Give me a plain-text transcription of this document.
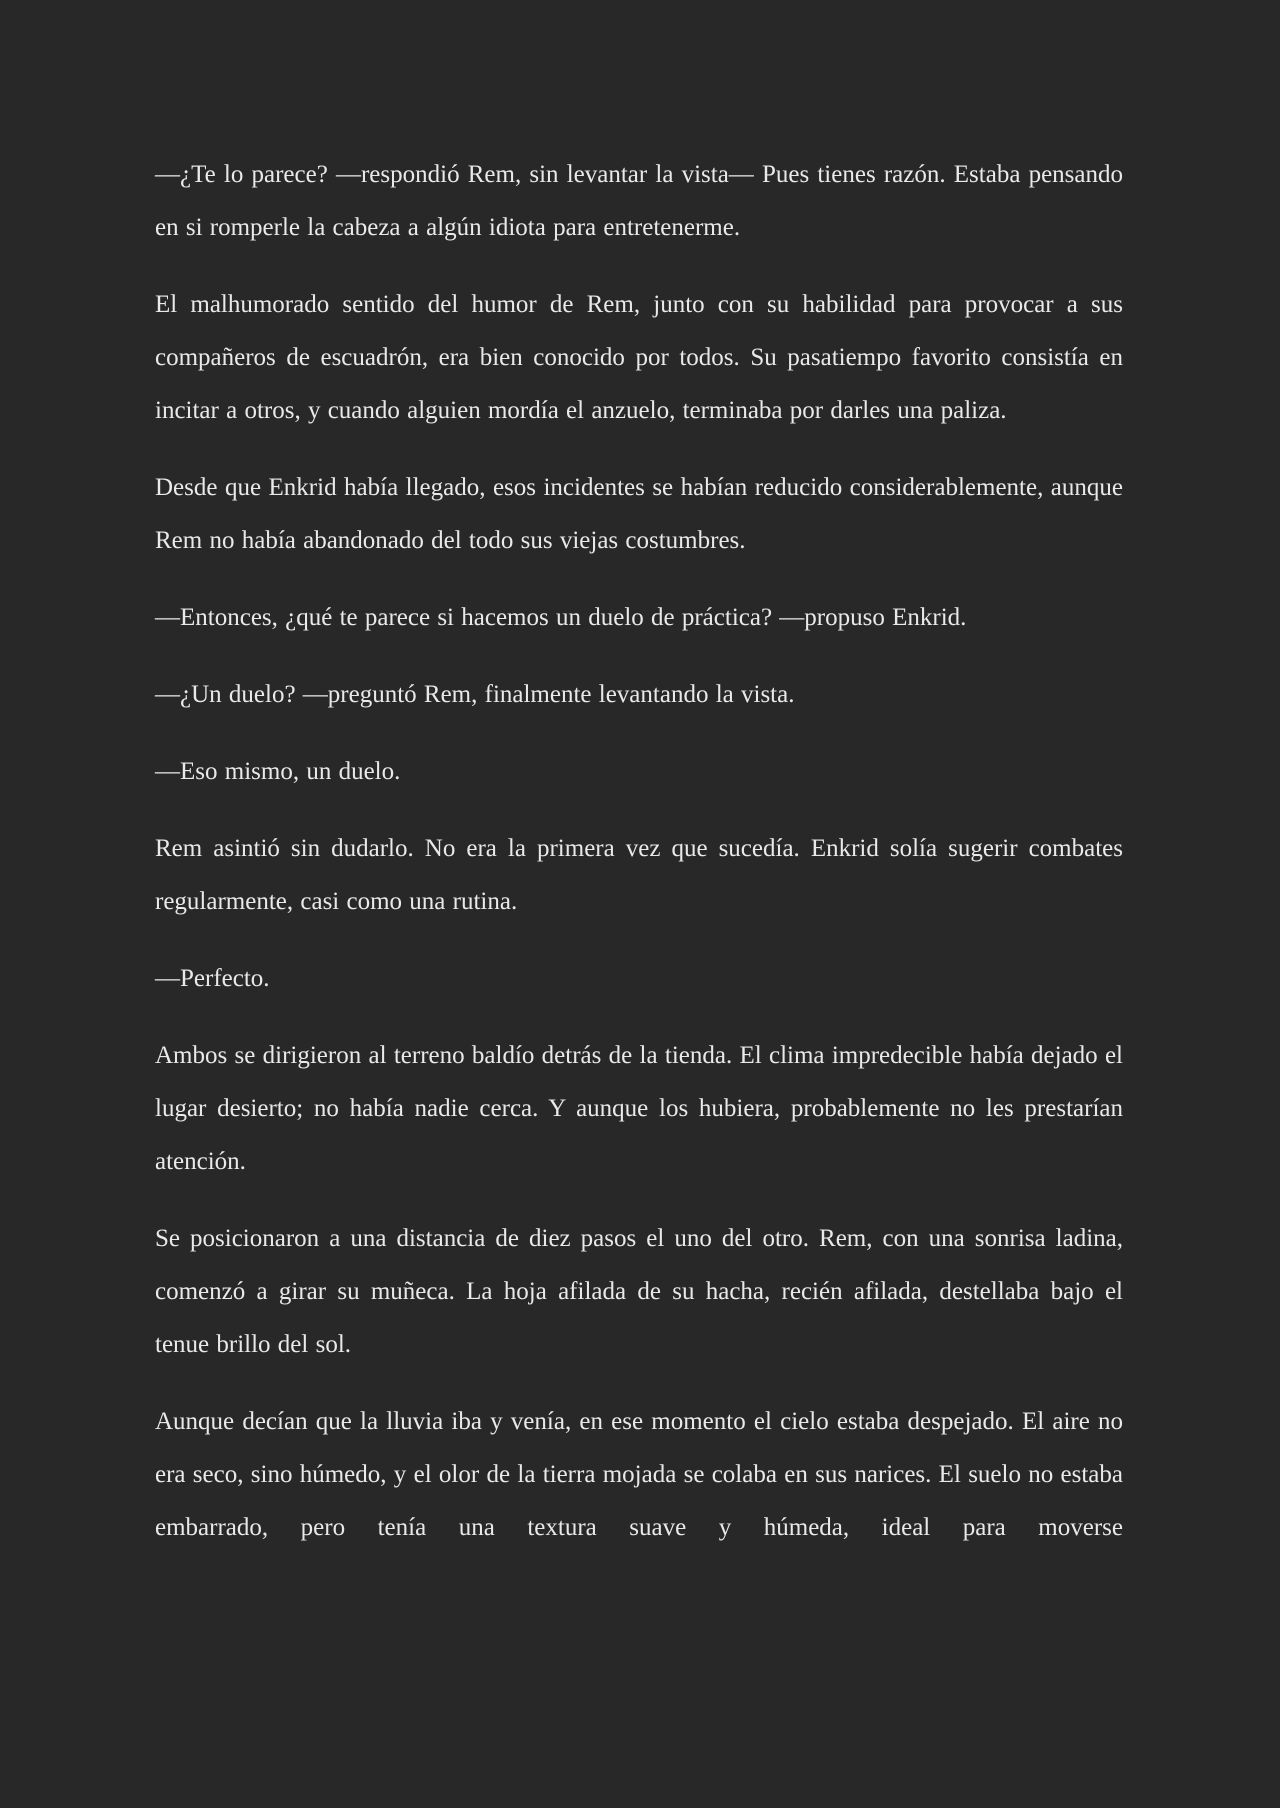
—¿Te lo parece? —respondió Rem, sin levantar la vista— Pues tienes razón. Estaba pensando en si romperle la cabeza a algún idiota para entretenerme.

El malhumorado sentido del humor de Rem, junto con su habilidad para provocar a sus compañeros de escuadrón, era bien conocido por todos. Su pasatiempo favorito consistía en incitar a otros, y cuando alguien mordía el anzuelo, terminaba por darles una paliza.

Desde que Enkrid había llegado, esos incidentes se habían reducido considerablemente, aunque Rem no había abandonado del todo sus viejas costumbres.

—Entonces, ¿qué te parece si hacemos un duelo de práctica? —propuso Enkrid.

—¿Un duelo? —preguntó Rem, finalmente levantando la vista.

—Eso mismo, un duelo.

Rem asintió sin dudarlo. No era la primera vez que sucedía. Enkrid solía sugerir combates regularmente, casi como una rutina.

—Perfecto.

Ambos se dirigieron al terreno baldío detrás de la tienda. El clima impredecible había dejado el lugar desierto; no había nadie cerca. Y aunque los hubiera, probablemente no les prestarían atención.

Se posicionaron a una distancia de diez pasos el uno del otro. Rem, con una sonrisa ladina, comenzó a girar su muñeca. La hoja afilada de su hacha, recién afilada, destellaba bajo el tenue brillo del sol.

Aunque decían que la lluvia iba y venía, en ese momento el cielo estaba despejado. El aire no era seco, sino húmedo, y el olor de la tierra mojada se colaba en sus narices. El suelo no estaba embarrado, pero tenía una textura suave y húmeda, ideal para moverse
